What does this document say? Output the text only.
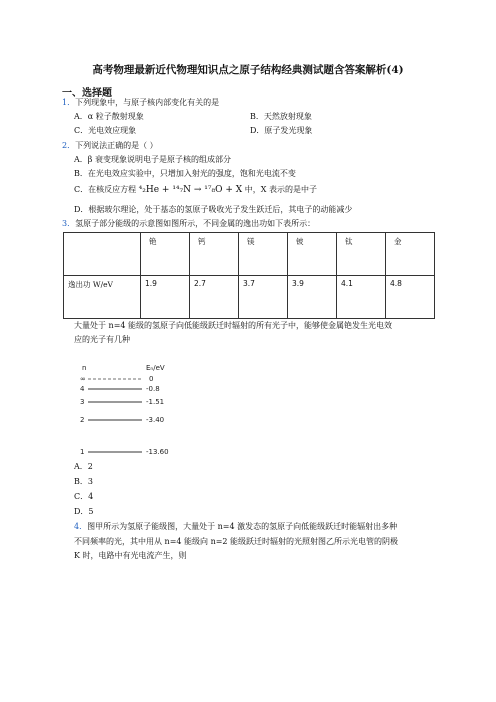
高考物理最新近代物理知识点之原子结构经典测试题含答案解析(4)
一、选择题
1．下列现象中，与原子核内部变化有关的是
A．α 粒子散射现象	B．天然放射现象
C．光电效应现象	D．原子发光现象
2．下列说法正确的是（ ）
A．β 衰变现象说明电子是原子核的组成部分
B．在光电效应实验中，只增加入射光的强度，饱和光电流不变
C．在核反应方程 ⁴₂He + ¹⁴₇N → ¹⁷₈O + X 中，X 表示的是中子
D．根据玻尔理论，处于基态的氢原子吸收光子发生跃迁后，其电子的动能减少
3．氢原子部分能级的示意图如图所示，不同金属的逸出功如下表所示：
	铯	钙	镁	铍	钛	金
逸出功 W/eV	1.9	2.7	3.7	3.9	4.1	4.8
大量处于 n=4 能级的氢原子向低能级跃迁时辐射的所有光子中，能够使金属铯发生光电效
应的光子有几种
n	Eₙ/eV
∞	0
4	-0.8
3	-1.51
2	-3.40
1	-13.60
A．2
B．3
C．4
D．5
4．图甲所示为氢原子能级图，大量处于 n=4 激发态的氢原子向低能级跃迁时能辐射出多种
不同频率的光，其中用从 n=4 能级向 n=2 能级跃迁时辐射的光照射图乙所示光电管的阴极
K 时，电路中有光电流产生，则
